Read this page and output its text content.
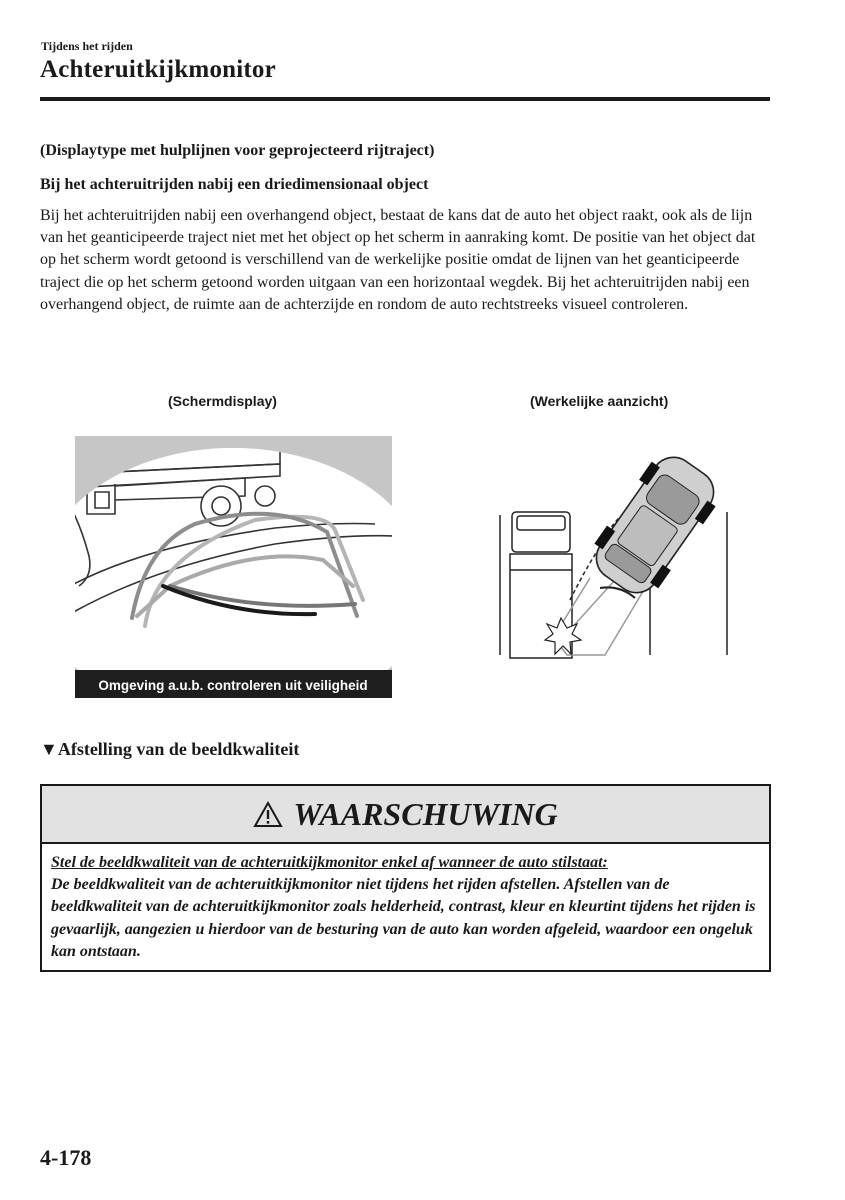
Tijdens het rijden
Achteruitkijkmonitor
(Displaytype met hulplijnen voor geprojecteerd rijtraject)
Bij het achteruitrijden nabij een driedimensionaal object
Bij het achteruitrijden nabij een overhangend object, bestaat de kans dat de auto het object raakt, ook als de lijn van het geanticipeerde traject niet met het object op het scherm in aanraking komt. De positie van het object dat op het scherm wordt getoond is verschillend van de werkelijke positie omdat de lijnen van het geanticipeerde traject die op het scherm getoond worden uitgaan van een horizontaal wegdek. Bij het achteruitrijden nabij een overhangend object, de ruimte aan de achterzijde en rondom de auto rechtstreeks visueel controleren.
(Schermdisplay)	(Werkelijke aanzicht)
Omgeving a.u.b. controleren uit veiligheid
▼Afstelling van de beeldkwaliteit
WAARSCHUWING
Stel de beeldkwaliteit van de achteruitkijkmonitor enkel af wanneer de auto stilstaat:
De beeldkwaliteit van de achteruitkijkmonitor niet tijdens het rijden afstellen. Afstellen van de beeldkwaliteit van de achteruitkijkmonitor zoals helderheid, contrast, kleur en kleurtint tijdens het rijden is gevaarlijk, aangezien u hierdoor van de besturing van de auto kan worden afgeleid, waardoor een ongeluk kan ontstaan.
4-178
